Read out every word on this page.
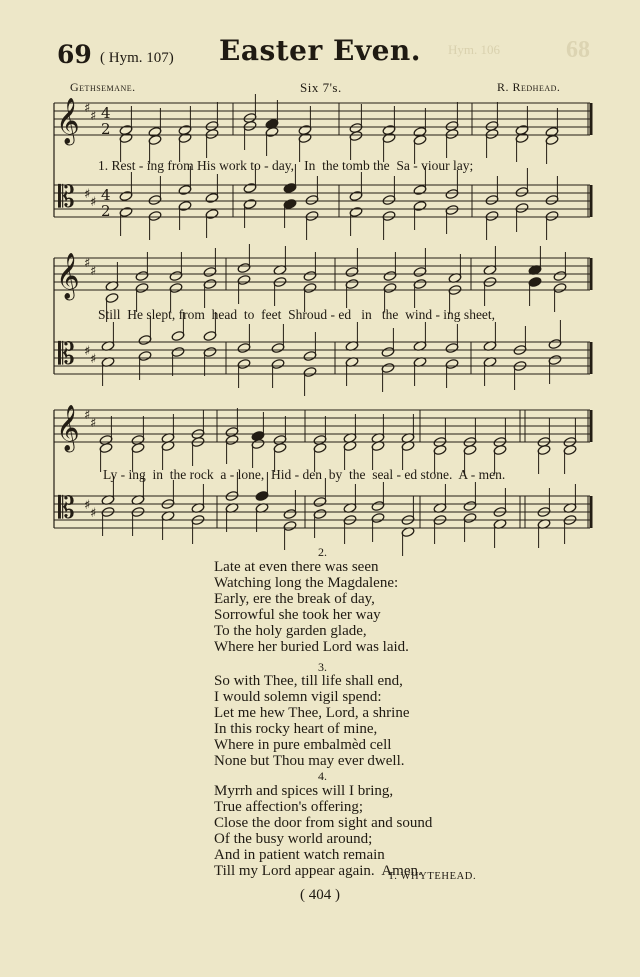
68
Hym. 106
69 ( Hym. 107)	Easter Even.
Gethsemane.	Six 7's.	R. Redhead.
𝄞
𝄡
♯
♯
♯
♯
4
2
4
2
𝄞
𝄡
♯
♯
♯
♯
𝄞
𝄡
♯
♯
♯
♯
1. Rest - ing from His work to - day,   In  the tomb the  Sa - viour lay;
Still  He slept, from  head  to  feet  Shroud - ed   in   the  wind - ing sheet,
Ly - ing  in  the rock  a - lone,  Hid - den  by  the  seal - ed stone.  A - men.
2.
Late at even there was seen
Watching long the Magdalene:
Early, ere the break of day,
Sorrowful she took her way
To the holy garden glade,
Where her buried Lord was laid.
3.
So with Thee, till life shall end,
I would solemn vigil spend:
Let me hew Thee, Lord, a shrine
In this rocky heart of mine,
Where in pure embalmèd cell
None but Thou may ever dwell.
4.
Myrrh and spices will I bring,
True affection's offering;
Close the door from sight and sound
Of the busy world around;
And in patient watch remain
Till my Lord appear again.  Amen.
T. WHYTEHEAD.
( 404 )
